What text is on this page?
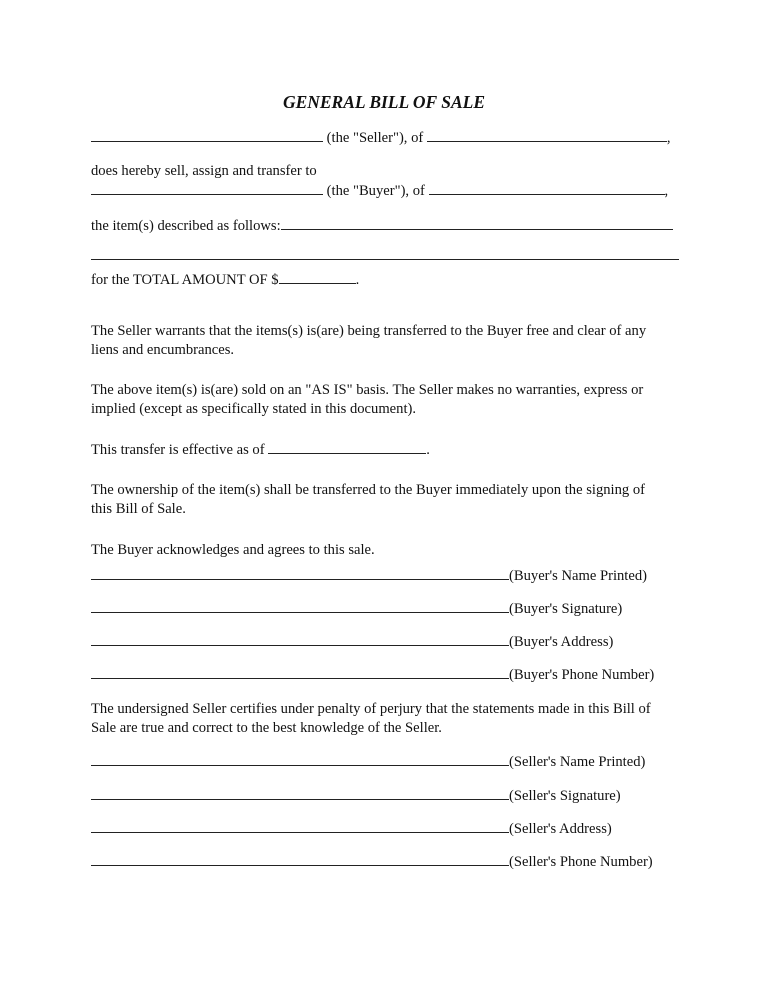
GENERAL BILL OF SALE
(the "Seller"), of	,
does hereby sell, assign and transfer to
(the "Buyer"), of	,
the item(s) described as follows:
for the TOTAL AMOUNT OF $	.
The Seller warrants that the items(s) is(are) being transferred to the Buyer free and clear of any
liens and encumbrances.
The above item(s) is(are) sold on an "AS IS" basis. The Seller makes no warranties, express or
implied (except as specifically stated in this document).
This transfer is effective as of	.
The ownership of the item(s) shall be transferred to the Buyer immediately upon the signing of
this Bill of Sale.
The Buyer acknowledges and agrees to this sale.
(Buyer's Name Printed)
(Buyer's Signature)
(Buyer's Address)
(Buyer's Phone Number)
The undersigned Seller certifies under penalty of perjury that the statements made in this Bill of
Sale are true and correct to the best knowledge of the Seller.
(Seller's Name Printed)
(Seller's Signature)
(Seller's Address)
(Seller's Phone Number)
